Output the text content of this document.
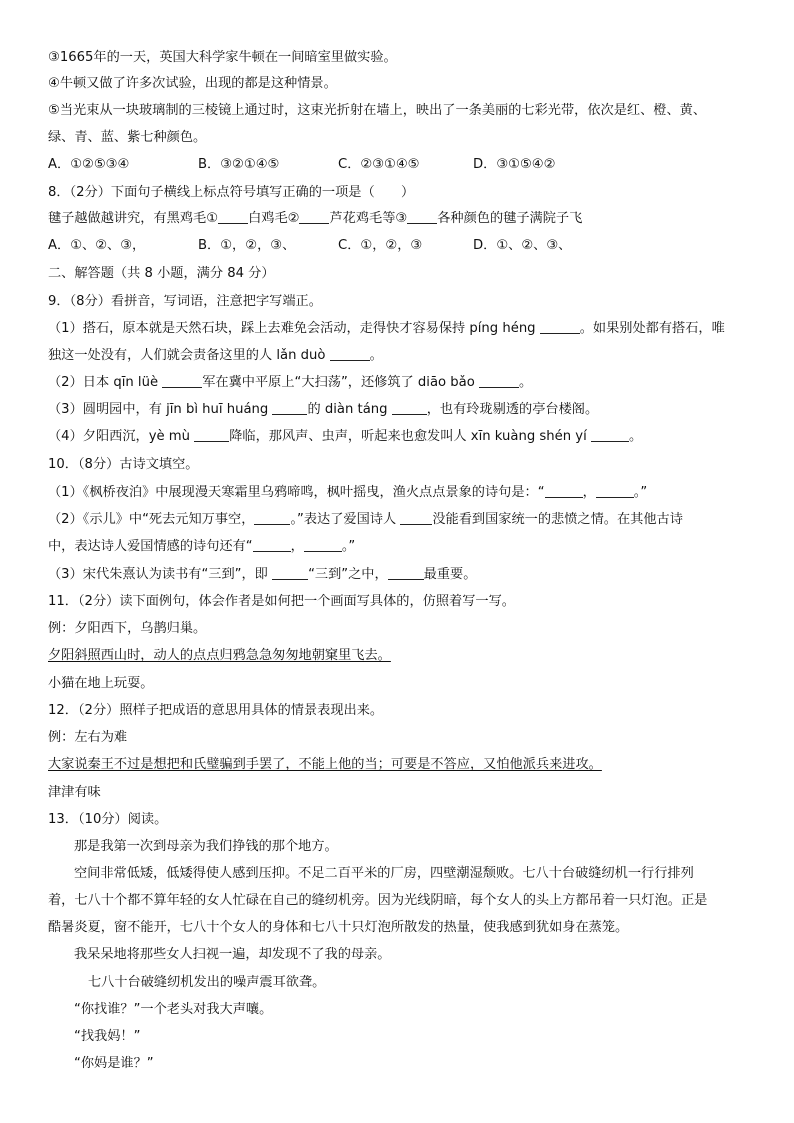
③1665年的一天，英国大科学家牛顿在一间暗室里做实验。
④牛顿又做了许多次试验，出现的都是这种情景。
⑤当光束从一块玻璃制的三棱镜上通过时，这束光折射在墙上，映出了一条美丽的七彩光带，依次是红、橙、黄、
绿、青、蓝、紫七种颜色。
A．①②⑤③④	B．③②①④⑤	C．②③①④⑤	D．③①⑤④②
8．（2分）下面句子横线上标点符号填写正确的一项是（　　）
毽子越做越讲究，有黑鸡毛① 白鸡毛② 芦花鸡毛等③ 各种颜色的毽子满院子飞
A．①、②、③，	B．①，②，③、	C．①，②，③	D．①、②、③、
二、解答题（共 8 小题，满分 84 分）
9．（8分）看拼音，写词语，注意把字写端正。
（1）搭石，原本就是天然石块，踩上去难免会活动，走得快才容易保持 píng héng	。如果别处都有搭石，唯
独这一处没有，人们就会责备这里的人 lǎn duò	。
（2）日本 qīn lüè	军在冀中平原上“大扫荡”，还修筑了 diāo bǎo	。
（3）圆明园中，有 jīn bì huī huáng	的 diàn táng	，也有玲珑剔透的亭台楼阁。
（4）夕阳西沉，yè mù	降临，那风声、虫声，听起来也愈发叫人 xīn kuàng shén yí	。
10．（8分）古诗文填空。
（1）《枫桥夜泊》中展现漫天寒霜里乌鸦啼鸣，枫叶摇曳，渔火点点景象的诗句是：“	，	。”
（2）《示儿》中“死去元知万事空，	。”表达了爱国诗人 没能看到国家统一的悲愤之情。在其他古诗
中，表达诗人爱国情感的诗句还有“	，	。”
（3）宋代朱熹认为读书有“三到”，即	“三到”之中，	最重要。
11．（2分）读下面例句，体会作者是如何把一个画面写具体的，仿照着写一写。
例：夕阳西下，乌鹊归巢。
夕阳斜照西山时，动人的点点归鸦急急匆匆地朝窠里飞去。
小猫在地上玩耍。
12．（2分）照样子把成语的意思用具体的情景表现出来。
例：左右为难
大家说秦王不过是想把和氏璧骗到手罢了，不能上他的当；可要是不答应，又怕他派兵来进攻。
津津有味
13．（10分）阅读。
那是我第一次到母亲为我们挣钱的那个地方。
空间非常低矮，低矮得使人感到压抑。不足二百平米的厂房，四壁潮湿颓败。七八十台破缝纫机一行行排列
着，七八十个都不算年轻的女人忙碌在自己的缝纫机旁。因为光线阴暗，每个女人的头上方都吊着一只灯泡。正是
酷暑炎夏，窗不能开，七八十个女人的身体和七八十只灯泡所散发的热量，使我感到犹如身在蒸笼。
我呆呆地将那些女人扫视一遍，却发现不了我的母亲。
七八十台破缝纫机发出的噪声震耳欲聋。
“你找谁？”一个老头对我大声嚷。
“找我妈！”
“你妈是谁？”
